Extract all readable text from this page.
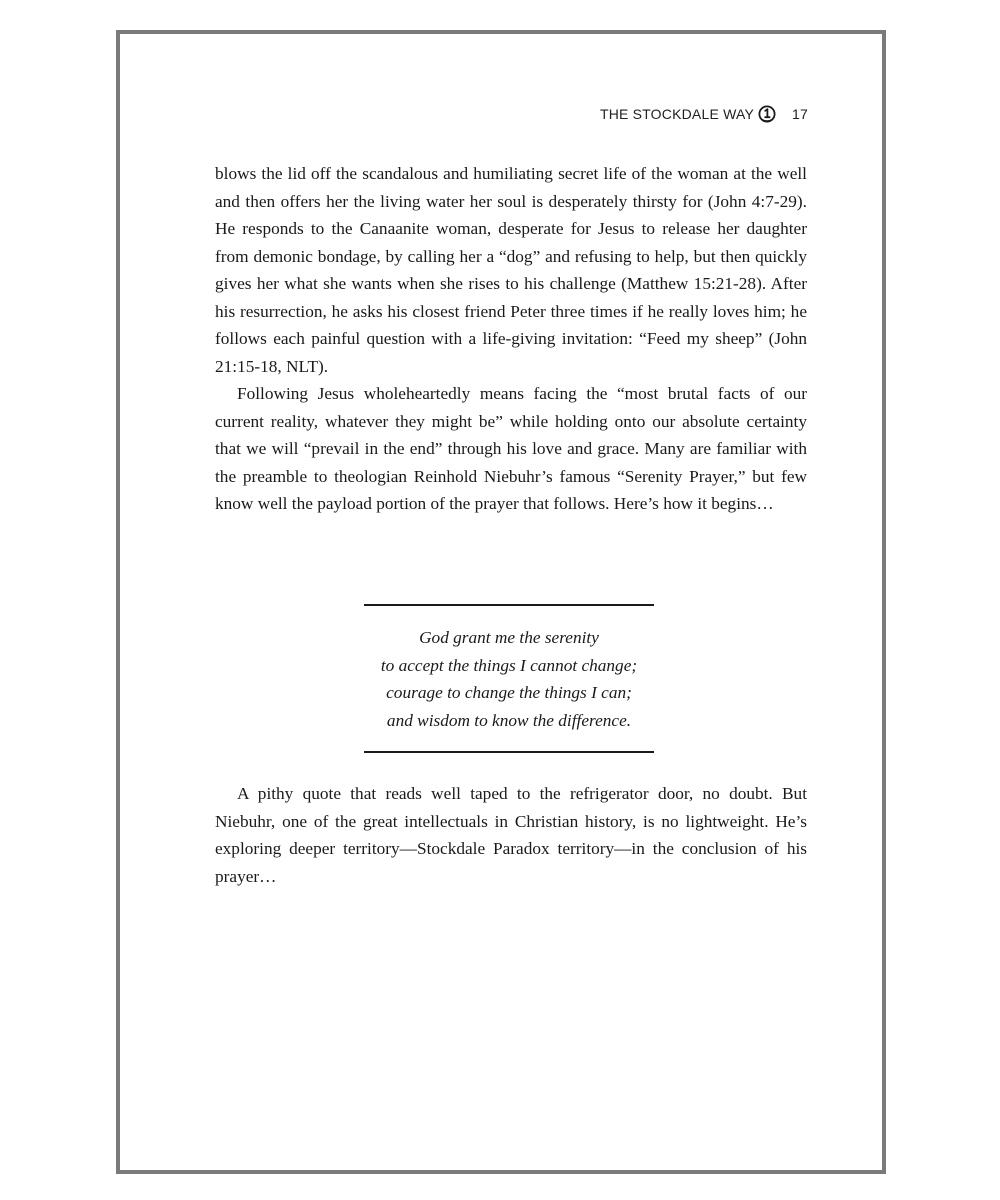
THE STOCKDALE WAY	17

blows the lid off the scandalous and humiliating secret life of the woman at the well and then offers her the living water her soul is desperately thirsty for (John 4:7-29). He responds to the Canaanite woman, desperate for Jesus to release her daughter from demonic bondage, by calling her a “dog” and refusing to help, but then quickly gives her what she wants when she rises to his challenge (Matthew 15:21-28). After his resurrection, he asks his closest friend Peter three times if he really loves him; he follows each painful question with a life-giving invitation: “Feed my sheep” (John 21:15-18, NLT).

Following Jesus wholeheartedly means facing the “most brutal facts of our current reality, whatever they might be” while holding onto our absolute certainty that we will “prevail in the end” through his love and grace. Many are familiar with the preamble to theologian Reinhold Niebuhr’s famous “Serenity Prayer,” but few know well the payload portion of the prayer that follows. Here’s how it begins…

God grant me the serenity
to accept the things I cannot change;
courage to change the things I can;
and wisdom to know the difference.

A pithy quote that reads well taped to the refrigerator door, no doubt. But Niebuhr, one of the great intellectuals in Christian history, is no lightweight. He’s exploring deeper territory—Stockdale Paradox territory—in the conclusion of his prayer…
